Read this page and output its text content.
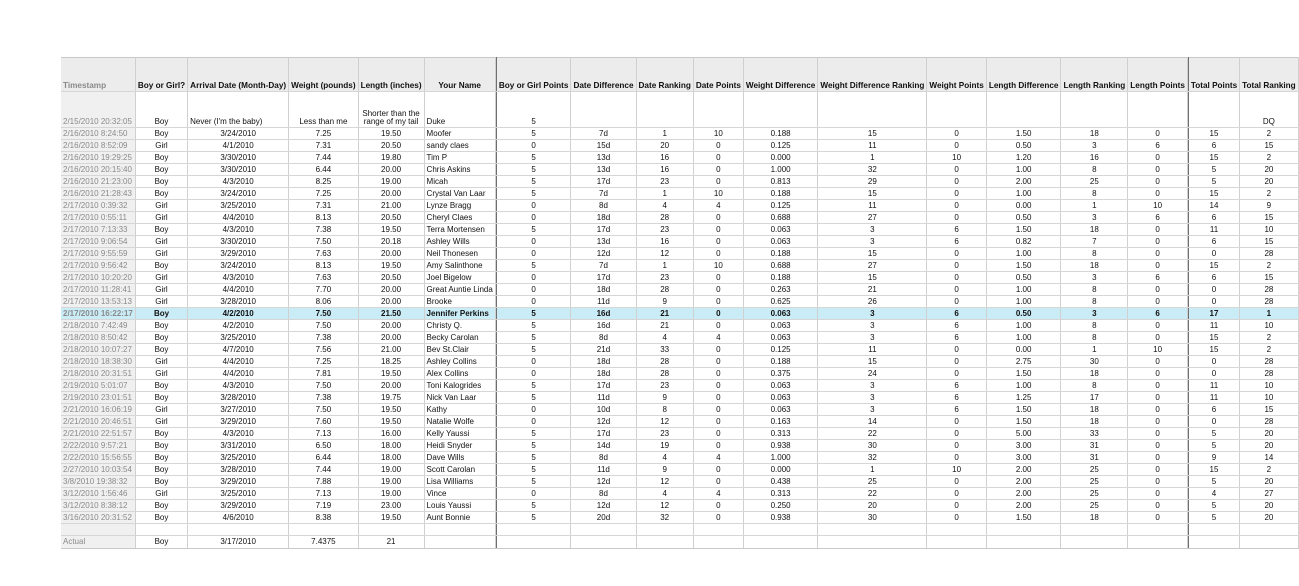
Timestamp	Boy or Girl?	Arrival Date (Month-Day)	Weight (pounds)	Length (inches)	Your Name		Boy or Girl Points	Date Difference	Date Ranking	Date Points	Weight Difference	Weight Difference Ranking	Weight Points	Length Difference	Length Ranking	Length Points		Total Points	Total Ranking
2/15/2010 20:32:05	Boy	Never (I'm the baby)	Less than me	Shorter than the range of my tail	Duke		5												DQ
2/16/2010 8:24:50	Boy	3/24/2010	7.25	19.50	Moofer		5	7d	1	10	0.188	15	0	1.50	18	0		15	2
2/16/2010 8:52:09	Girl	4/1/2010	7.31	20.50	sandy claes		0	15d	20	0	0.125	11	0	0.50	3	6		6	15
2/16/2010 19:29:25	Boy	3/30/2010	7.44	19.80	Tim P		5	13d	16	0	0.000	1	10	1.20	16	0		15	2
2/16/2010 20:15:40	Boy	3/30/2010	6.44	20.00	Chris Askins		5	13d	16	0	1.000	32	0	1.00	8	0		5	20
2/16/2010 21:23:00	Boy	4/3/2010	8.25	19.00	Micah		5	17d	23	0	0.813	29	0	2.00	25	0		5	20
2/16/2010 21:28:43	Boy	3/24/2010	7.25	20.00	Crystal Van Laar		5	7d	1	10	0.188	15	0	1.00	8	0		15	2
2/17/2010 0:39:32	Girl	3/25/2010	7.31	21.00	Lynze Bragg		0	8d	4	4	0.125	11	0	0.00	1	10		14	9
2/17/2010 0:55:11	Girl	4/4/2010	8.13	20.50	Cheryl Claes		0	18d	28	0	0.688	27	0	0.50	3	6		6	15
2/17/2010 7:13:33	Boy	4/3/2010	7.38	19.50	Terra Mortensen		5	17d	23	0	0.063	3	6	1.50	18	0		11	10
2/17/2010 9:06:54	Girl	3/30/2010	7.50	20.18	Ashley Wills		0	13d	16	0	0.063	3	6	0.82	7	0		6	15
2/17/2010 9:55:59	Girl	3/29/2010	7.63	20.00	Neil Thonesen		0	12d	12	0	0.188	15	0	1.00	8	0		0	28
2/17/2010 9:56:42	Boy	3/24/2010	8.13	19.50	Amy Salinthone		5	7d	1	10	0.688	27	0	1.50	18	0		15	2
2/17/2010 10:20:20	Girl	4/3/2010	7.63	20.50	Joel Bigelow		0	17d	23	0	0.188	15	0	0.50	3	6		6	15
2/17/2010 11:28:41	Girl	4/4/2010	7.70	20.00	Great Auntie Linda		0	18d	28	0	0.263	21	0	1.00	8	0		0	28
2/17/2010 13:53:13	Girl	3/28/2010	8.06	20.00	Brooke		0	11d	9	0	0.625	26	0	1.00	8	0		0	28
2/17/2010 16:22:17	Boy	4/2/2010	7.50	21.50	Jennifer Perkins		5	16d	21	0	0.063	3	6	0.50	3	6		17	1
2/18/2010 7:42:49	Boy	4/2/2010	7.50	20.00	Christy Q.		5	16d	21	0	0.063	3	6	1.00	8	0		11	10
2/18/2010 8:50:42	Boy	3/25/2010	7.38	20.00	Becky Carolan		5	8d	4	4	0.063	3	6	1.00	8	0		15	2
2/18/2010 10:07:27	Boy	4/7/2010	7.56	21.00	Bev St.Clair		5	21d	33	0	0.125	11	0	0.00	1	10		15	2
2/18/2010 18:38:30	Girl	4/4/2010	7.25	18.25	Ashley Collins		0	18d	28	0	0.188	15	0	2.75	30	0		0	28
2/18/2010 20:31:51	Girl	4/4/2010	7.81	19.50	Alex Collins		0	18d	28	0	0.375	24	0	1.50	18	0		0	28
2/19/2010 5:01:07	Boy	4/3/2010	7.50	20.00	Toni Kalogrides		5	17d	23	0	0.063	3	6	1.00	8	0		11	10
2/19/2010 23:01:51	Boy	3/28/2010	7.38	19.75	Nick Van Laar		5	11d	9	0	0.063	3	6	1.25	17	0		11	10
2/21/2010 16:06:19	Girl	3/27/2010	7.50	19.50	Kathy		0	10d	8	0	0.063	3	6	1.50	18	0		6	15
2/21/2010 20:46:51	Girl	3/29/2010	7.60	19.50	Natalie Wolfe		0	12d	12	0	0.163	14	0	1.50	18	0		0	28
2/21/2010 22:51:57	Boy	4/3/2010	7.13	16.00	Kelly Yaussi		5	17d	23	0	0.313	22	0	5.00	33	0		5	20
2/22/2010 9:57:21	Boy	3/31/2010	6.50	18.00	Heidi Snyder		5	14d	19	0	0.938	30	0	3.00	31	0		5	20
2/22/2010 15:56:55	Boy	3/25/2010	6.44	18.00	Dave Wills		5	8d	4	4	1.000	32	0	3.00	31	0		9	14
2/27/2010 10:03:54	Boy	3/28/2010	7.44	19.00	Scott Carolan		5	11d	9	0	0.000	1	10	2.00	25	0		15	2
3/8/2010 19:38:32	Boy	3/29/2010	7.88	19.00	Lisa Williams		5	12d	12	0	0.438	25	0	2.00	25	0		5	20
3/12/2010 1:56:46	Girl	3/25/2010	7.13	19.00	Vince		0	8d	4	4	0.313	22	0	2.00	25	0		4	27
3/12/2010 8:38:12	Boy	3/29/2010	7.19	23.00	Louis Yaussi		5	12d	12	0	0.250	20	0	2.00	25	0		5	20
3/16/2010 20:31:52	Boy	4/6/2010	8.38	19.50	Aunt Bonnie		5	20d	32	0	0.938	30	0	1.50	18	0		5	20

Actual	Boy	3/17/2010	7.4375	21															
